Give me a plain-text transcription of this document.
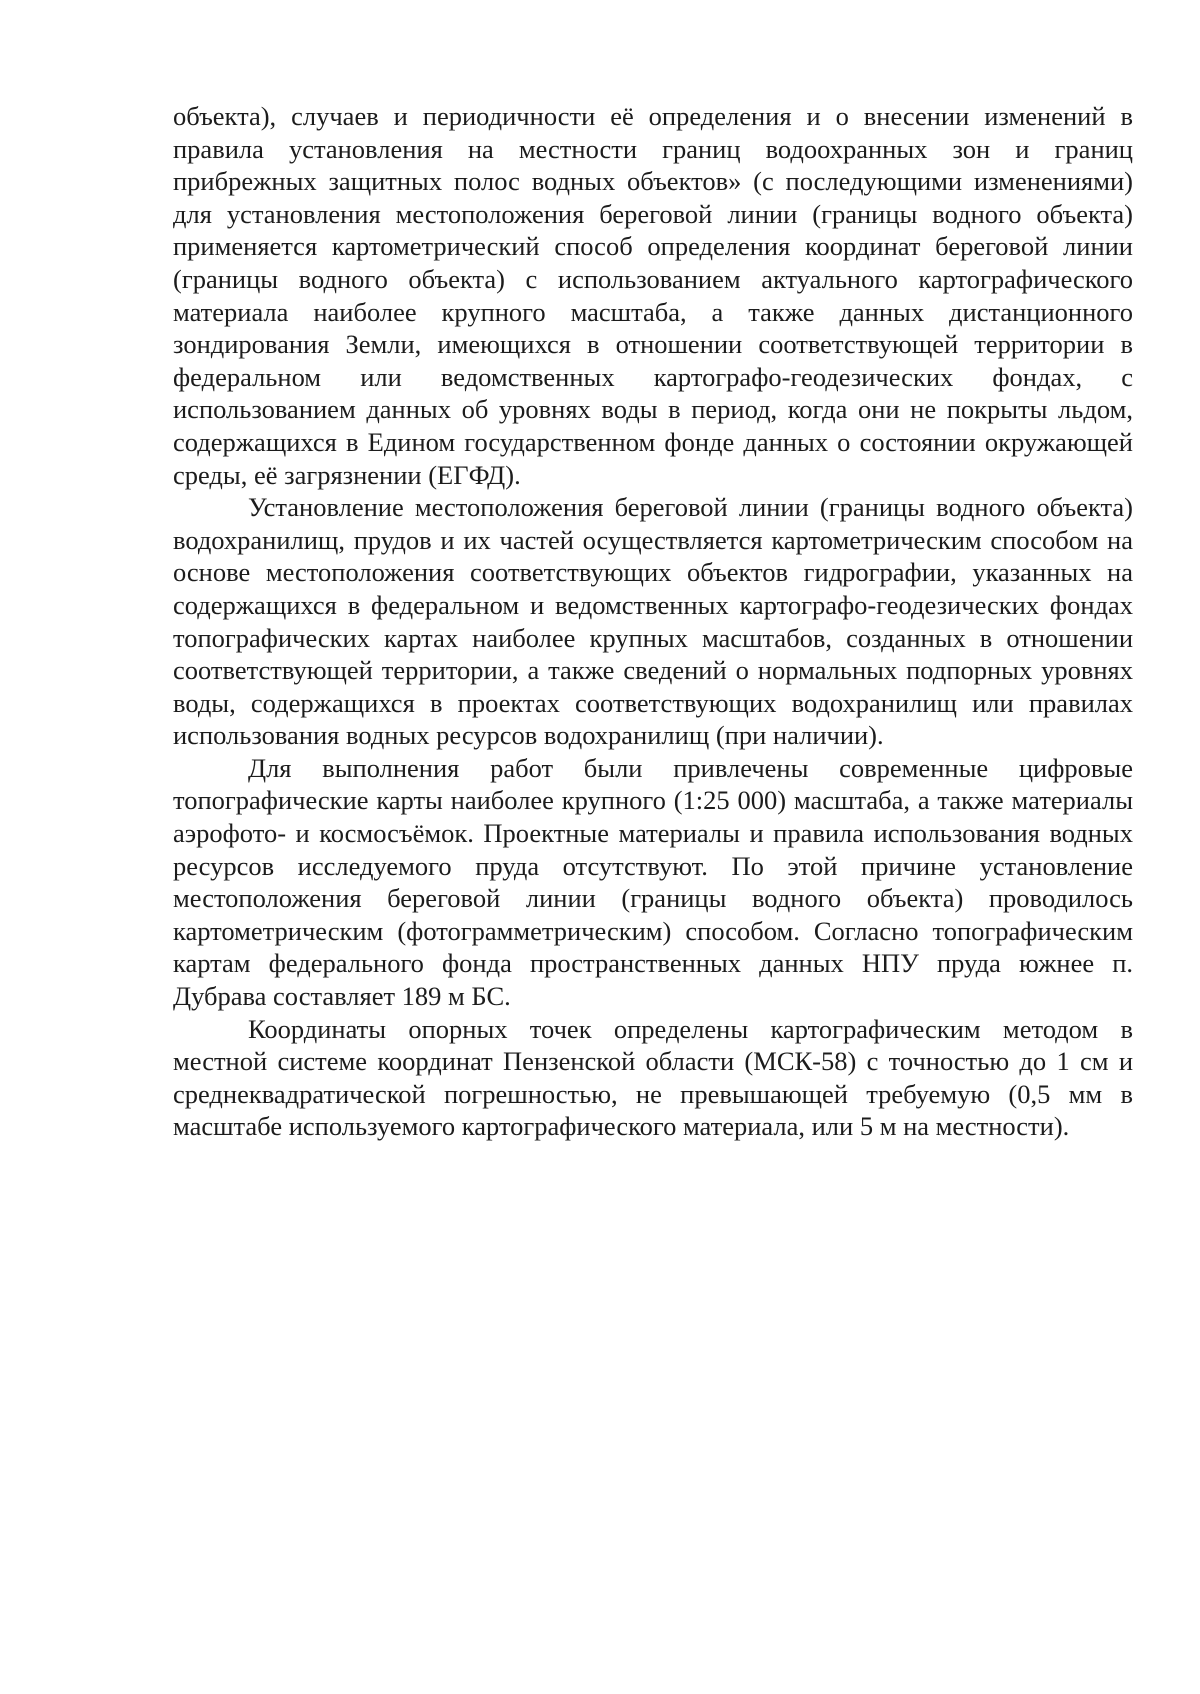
объекта), случаев и периодичности её определения и о внесении изменений в правила установления на местности границ водоохранных зон и границ прибрежных защитных полос водных объектов» (с последующими изменениями) для установления местоположения береговой линии (границы водного объекта) применяется картометрический способ определения координат береговой линии (границы водного объекта) с использованием актуального картографического материала наиболее крупного масштаба, а также данных дистанционного зондирования Земли, имеющихся в отношении соответствующей территории в федеральном или ведомственных картографо-геодезических фондах, с использованием данных об уровнях воды в период, когда они не покрыты льдом, содержащихся в Едином государственном фонде данных о состоянии окружающей среды, её загрязнении (ЕГФД).

Установление местоположения береговой линии (границы водного объекта) водохранилищ, прудов и их частей осуществляется картометрическим способом на основе местоположения соответствующих объектов гидрографии, указанных на содержащихся в федеральном и ведомственных картографо-геодезических фондах топографических картах наиболее крупных масштабов, созданных в отношении соответствующей территории, а также сведений о нормальных подпорных уровнях воды, содержащихся в проектах соответствующих водохранилищ или правилах использования водных ресурсов водохранилищ (при наличии).

Для выполнения работ были привлечены современные цифровые топографические карты наиболее крупного (1:25 000) масштаба, а также материалы аэрофото- и космосъёмок. Проектные материалы и правила использования водных ресурсов исследуемого пруда отсутствуют. По этой причине установление местоположения береговой линии (границы водного объекта) проводилось картометрическим (фотограмметрическим) способом. Согласно топографическим картам федерального фонда пространственных данных НПУ пруда южнее п. Дубрава составляет 189 м БС.

Координаты опорных точек определены картографическим методом в местной системе координат Пензенской области (МСК-58) с точностью до 1 см и среднеквадратической погрешностью, не превышающей требуемую (0,5 мм в масштабе используемого картографического материала, или 5 м на местности).
